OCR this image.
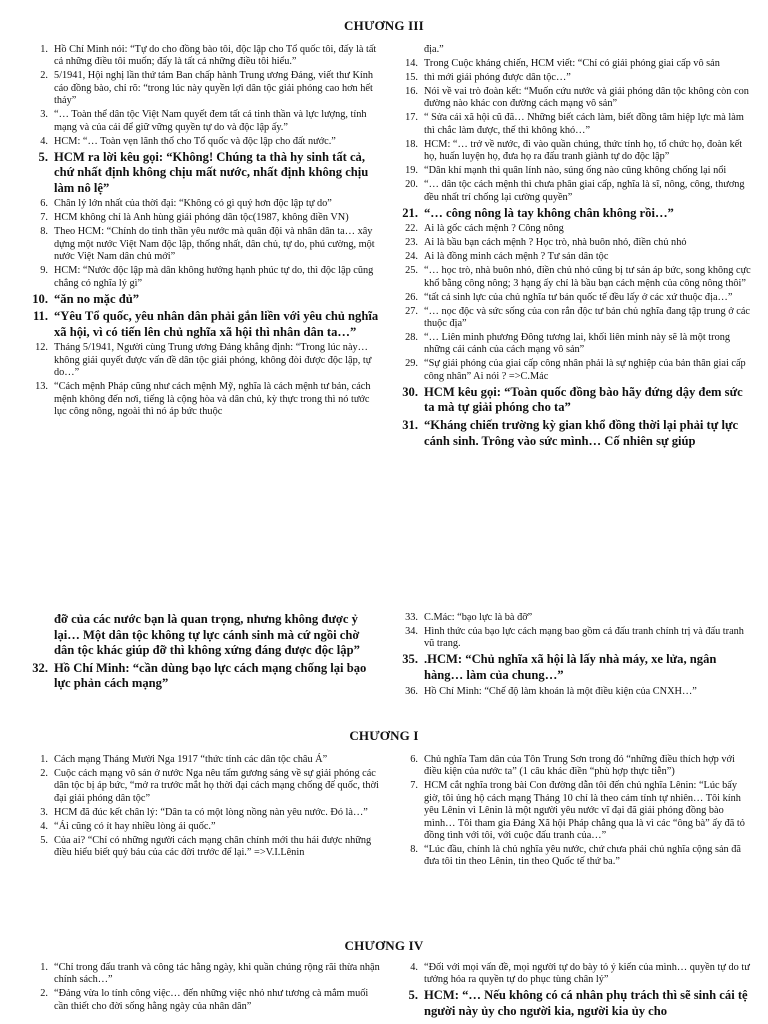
CHƯƠNG III
1. Hồ Chí Minh nói: “Tự do cho đồng bào tôi, độc lập cho Tổ quốc tôi, đấy là tất cả những điều tôi muốn; đấy là tất cả những điều tôi hiểu.”
2. 5/1941, Hội nghị lần thứ tám Ban chấp hành Trung ương Đảng, viết thư Kính cáo đồng bào, chỉ rõ: “trong lúc này quyền lợi dân tộc giải phóng cao hơn hết thảy”
3. “… Toàn thể dân tộc Việt Nam quyết đem tất cả tinh thần và lực lượng, tính mạng và của cải để giữ vững quyền tự do và độc lập ấy.”
4. HCM: “… Toàn vẹn lãnh thổ cho Tổ quốc và độc lập cho đất nước.”
5. HCM ra lời kêu gọi: “Không! Chúng ta thà hy sinh tất cả, chứ nhất định không chịu mất nước, nhất định không chịu làm nô lệ”
6. Chân lý lớn nhất của thời đại: “Không có gì quý hơn độc lập tự do”
7. HCM không chỉ là Anh hùng giải phóng dân tộc(1987, không điền VN)
8. Theo HCM: “Chính do tinh thần yêu nước mà quân đội và nhân dân ta… xây dựng một nước Việt Nam độc lập, thống nhất, dân chủ, tự do, phú cường, một nước Việt Nam dân chủ mới”
9. HCM: “Nước độc lập mà dân không hưởng hạnh phúc tự do, thì độc lập cũng chẳng có nghĩa lý gì”
10. “ăn no mặc đủ”
11. “Yêu Tổ quốc, yêu nhân dân phải gắn liền với yêu chủ nghĩa xã hội, vì có tiến lên chủ nghĩa xã hội thì nhân dân ta…”
12. Tháng 5/1941, Người cùng Trung ương Đảng khẳng định: “Trong lúc này… không giải quyết được vấn đề dân tộc giải phóng, không đòi được độc lập, tự do…”
13. “Cách mệnh Pháp cũng như cách mệnh Mỹ, nghĩa là cách mệnh tư bản, cách mệnh không đến nơi, tiếng là cộng hòa và dân chủ, kỳ thực trong thì nó tước lục công nông, ngoài thì nó áp bức thuộc
địa.”
14. Trong Cuộc kháng chiến, HCM viết: “Chỉ có giải phóng giai cấp vô sản
15. thì mới giải phóng được dân tộc…”
16. Nói về vai trò đoàn kết: “Muốn cứu nước và giải phóng dân tộc không còn con đường nào khác con đường cách mạng vô sản”
17. “ Sửa cái xã hội cũ đã… Những biết cách làm, biết đồng tâm hiệp lực mà làm thì chắc làm được, thế thì không khó…”
18. HCM: “… trở về nước, đi vào quần chúng, thức tỉnh họ, tổ chức họ, đoàn kết họ, huấn luyện họ, đưa họ ra đấu tranh giành tự do độc lập”
19. “Dân khí mạnh thì quân lính nào, súng ống nào cũng không chống lại nổi
20. “… dân tộc cách mệnh thì chưa phân giai cấp, nghĩa là sĩ, nông, công, thương đều nhất trí chống lại cường quyền”
21. “… công nông là tay không chân không rồi…”
22. Ai là gốc cách mệnh ? Công nông
23. Ai là bầu bạn cách mệnh ? Học trò, nhà buôn nhỏ, điền chủ nhỏ
24. Ai là đồng minh cách mệnh ? Tư sản dân tộc
25. “… học trò, nhà buôn nhỏ, điền chủ nhỏ cũng bị tư sản áp bức, song không cực khổ bằng công nông; 3 hạng ấy chỉ là bầu bạn cách mệnh của công nông thôi”
26. “tất cả sinh lực của chủ nghĩa tư bản quốc tế đều lấy ở các xứ thuộc địa…”
27. “… nọc độc và sức sống của con rắn độc tư bản chủ nghĩa đang tập trung ở các thuộc địa”
28. “… Liên minh phương Đông tương lai, khối liên minh này sẽ là một trong những cái cánh của cách mạng vô sản”
29. “Sự giải phóng của giai cấp công nhân phải là sự nghiệp của bản thân giai cấp công nhân” Ai nói ? =>C.Mác
30. HCM kêu gọi: “Toàn quốc đồng bào hãy đứng dậy đem sức ta mà tự giải phóng cho ta”
31. “Kháng chiến trường kỳ gian khổ đồng thời lại phải tự lực cánh sinh. Trông vào sức mình… Cố nhiên sự giúp
đỡ của các nước bạn là quan trọng, nhưng không được ỷ lại… Một dân tộc không tự lực cánh sinh mà cứ ngồi chờ dân tộc khác giúp đỡ thì không xứng đáng được độc lập”
32. Hồ Chí Minh: “cần dùng bạo lực cách mạng chống lại bạo lực phản cách mạng”
33. C.Mác: “bạo lực là bà đỡ”
34. Hình thức của bạo lực cách mạng bao gồm cả đấu tranh chính trị và đấu tranh vũ trang.
35. .HCM: “Chủ nghĩa xã hội là lấy nhà máy, xe lửa, ngân hàng… làm của chung…”
36. Hồ Chí Minh: “Chế độ làm khoán là một điều kiện của CNXH…”
CHƯƠNG I
1. Cách mạng Tháng Mười Nga 1917 “thức tỉnh các dân tộc châu Á”
2. Cuộc cách mạng vô sản ở nước Nga nêu tấm gương sáng về sự giải phóng các dân tộc bị áp bức, “mở ra trước mắt họ thời đại cách mạng chống đế quốc, thời đại giải phóng dân tộc”
3. HCM đã đúc kết chân lý: “Dân ta có một lòng nồng nàn yêu nước. Đó là…”
4. “Ái cũng có ít hay nhiều lòng ái quốc.”
5. Của ai? “Chỉ có những người cách mạng chân chính mới thu hái được những điều hiểu biết quý báu của các đời trước để lại.” =>V.I.Lênin
6. Chủ nghĩa Tam dân của Tôn Trung Sơn trong đó “những điều thích hợp với điều kiện của nước ta” (1 câu khác điền “phù hợp thực tiễn”)
7. HCM cắt nghĩa trong bài Con đường dẫn tôi đến chủ nghĩa Lênin: “Lúc bấy giờ, tôi ủng hộ cách mạng Tháng 10 chỉ là theo cảm tính tự nhiên… Tôi kính yêu Lênin vì Lênin là một người yêu nước vĩ đại đã giải phóng đồng bào mình… Tôi tham gia Đảng Xã hội Pháp chẳng qua là vì các “ông bà” ấy đã tỏ đồng tình với tôi, với cuộc đấu tranh của…”
8. “Lúc đầu, chính là chủ nghĩa yêu nước, chứ chưa phải chủ nghĩa cộng sản đã đưa tôi tin theo Lênin, tin theo Quốc tế thứ ba.”
CHƯƠNG IV
1. “Chỉ trong đấu tranh và công tác hằng ngày, khi quần chúng rộng rãi thừa nhận chính sách…”
2. “Đảng vừa lo tính công việc… đến những việc nhỏ như tương cà mắm muối cần thiết cho đời sống hằng ngày của nhân dân”
4. “Đối với mọi vấn đề, mọi người tự do bày tỏ ý kiến của mình… quyền tự do tư tưởng hóa ra quyền tự do phục tùng chân lý”
5. HCM: “… Nếu không có cá nhân phụ trách thì sẽ sinh cái tệ người này ủy cho người kia, người kia ủy cho
